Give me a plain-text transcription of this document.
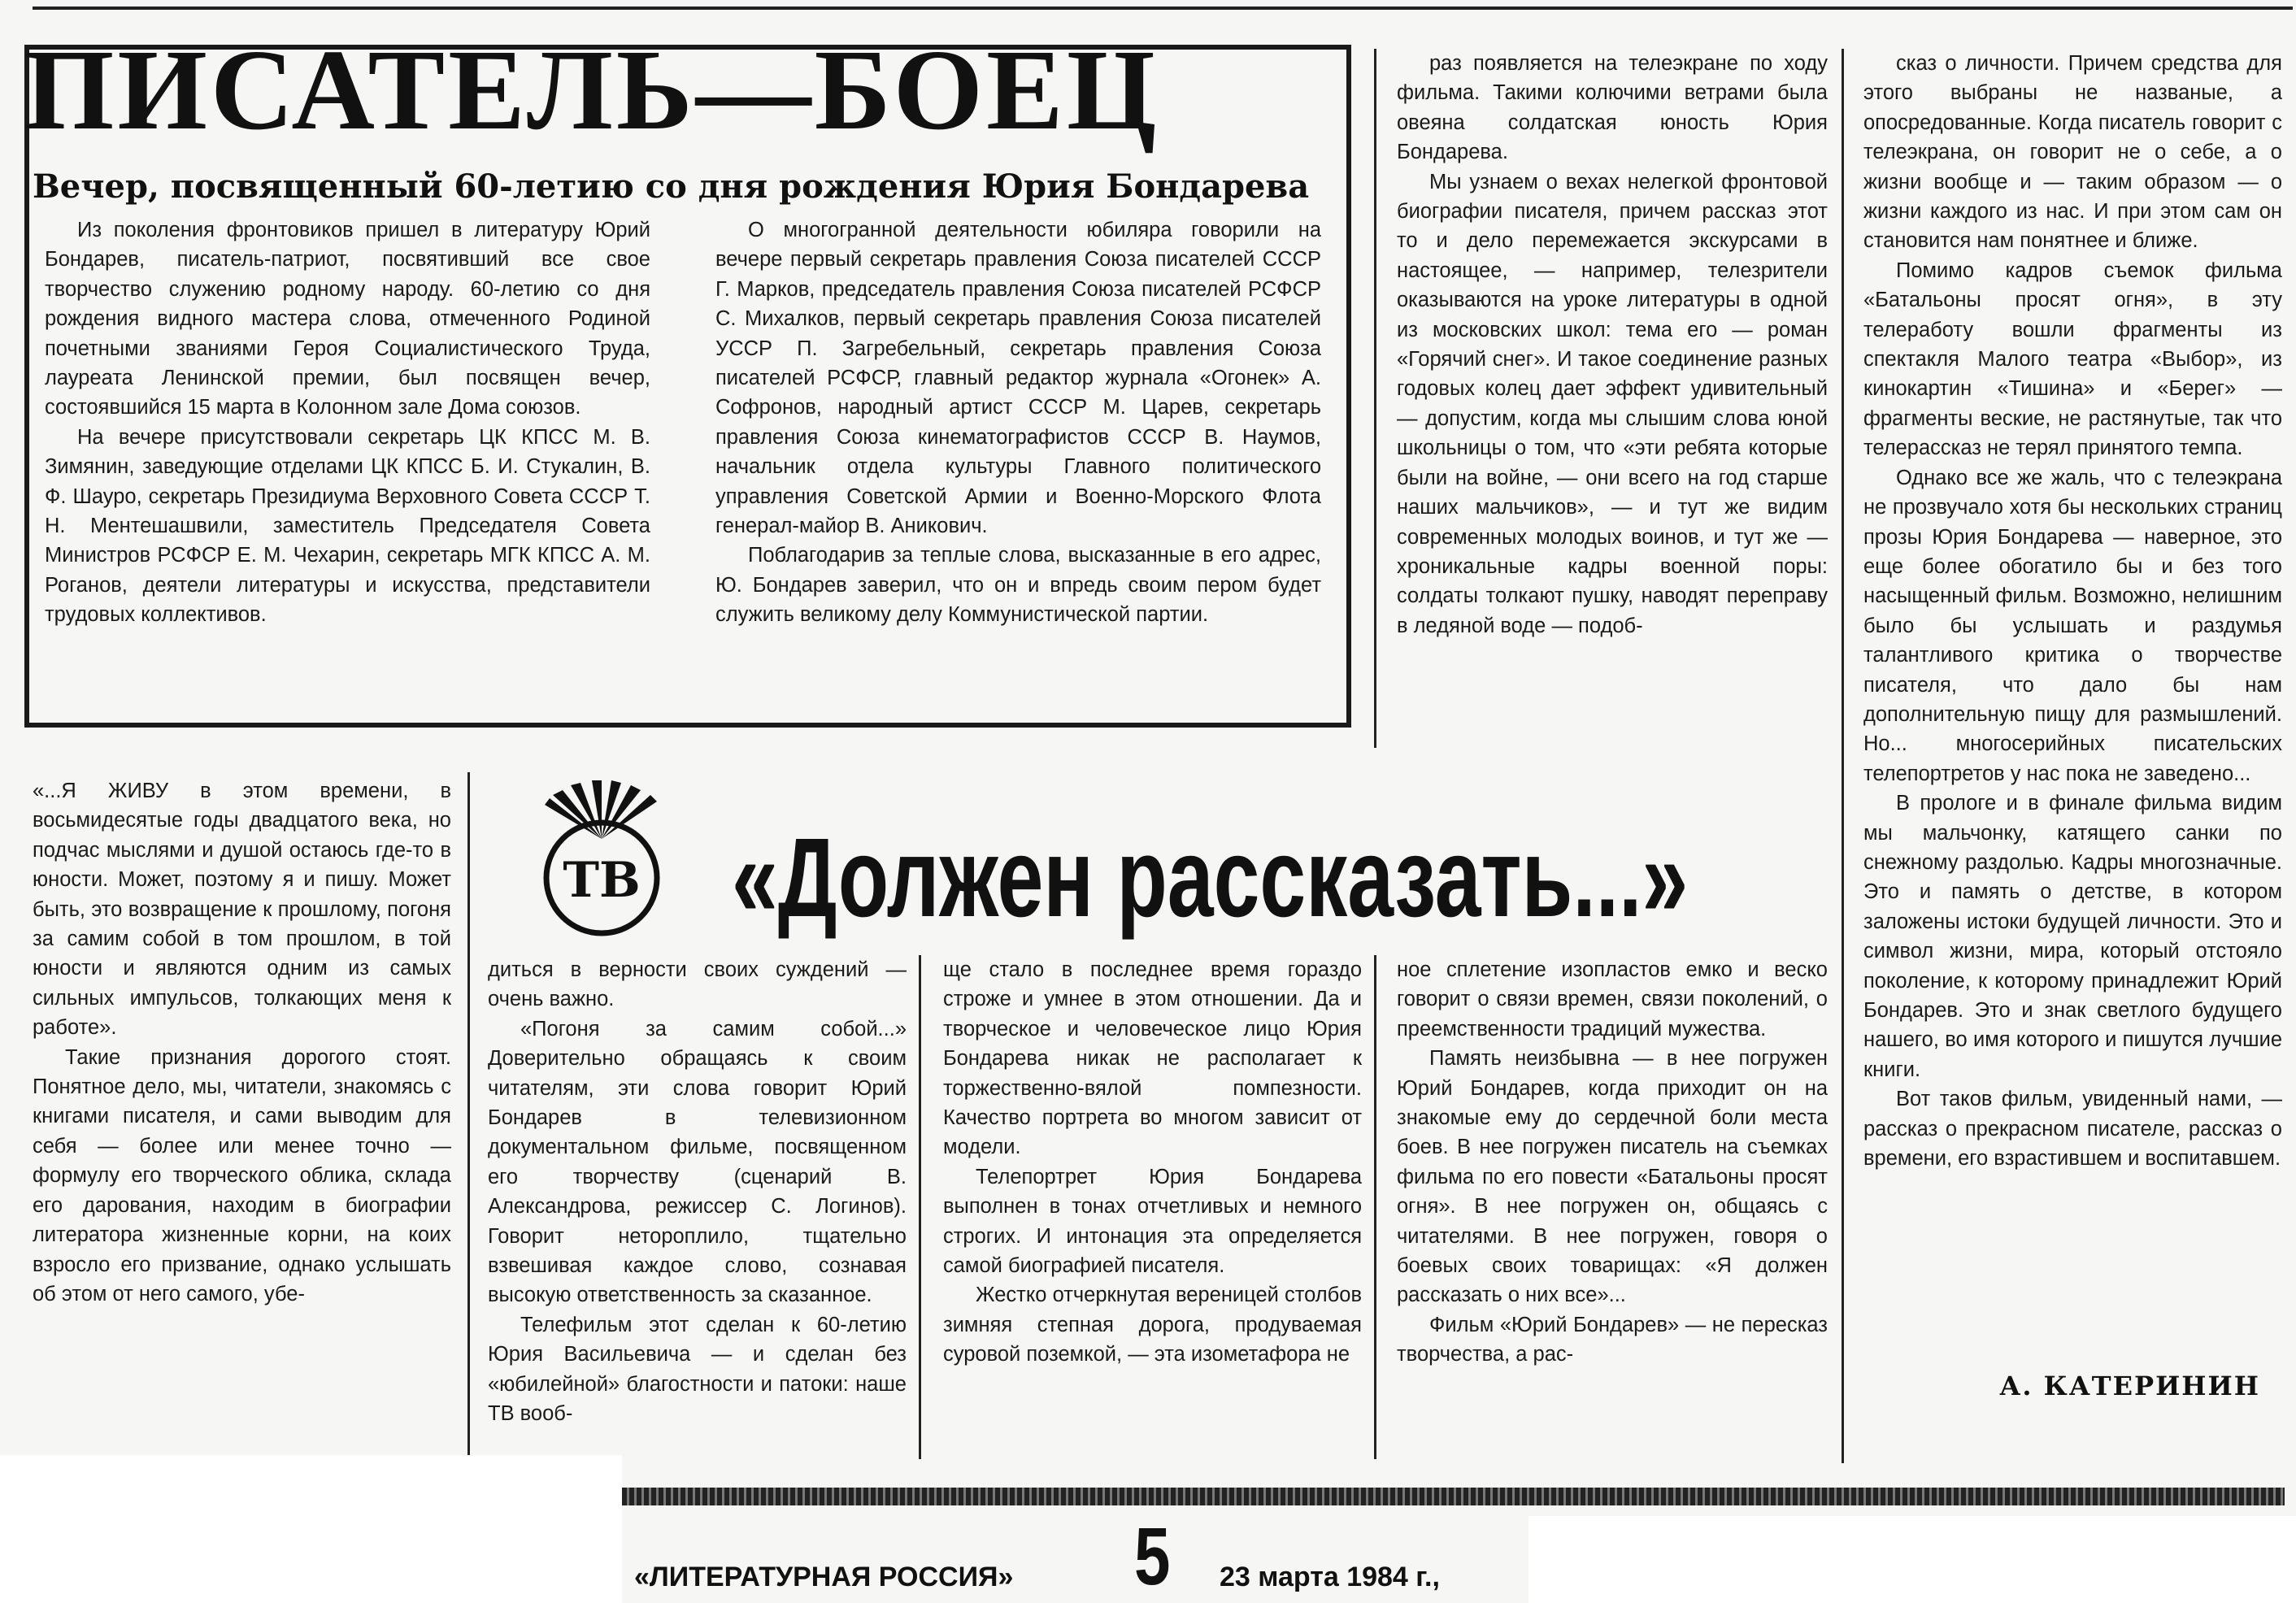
ПИСАТЕЛЬ—БОЕЦ
Вечер, посвященный 60-летию со дня рождения Юрия Бондарева

Из поколения фронтовиков пришел в литературу Юрий Бондарев, писатель-патриот, посвятивший все свое творчество служению родному народу. 60-летию со дня рождения видного мастера слова, отмеченного Родиной почетными званиями Героя Социалистического Труда, лауреата Ленинской премии, был посвящен вечер, состоявшийся 15 марта в Колонном зале Дома союзов.

На вечере присутствовали секретарь ЦК КПСС М. В. Зимянин, заведующие отделами ЦК КПСС Б. И. Стукалин, В. Ф. Шауро, секретарь Президиума Верховного Совета СССР Т. Н. Ментешашвили, заместитель Председателя Совета Министров РСФСР Е. М. Чехарин, секретарь МГК КПСС А. М. Роганов, деятели литературы и искусства, представители трудовых коллективов.

О многогранной деятельности юбиляра говорили на вечере первый секретарь правления Союза писателей СССР Г. Марков, председатель правления Союза писателей РСФСР С. Михалков, первый секретарь правления Союза писателей УССР П. Загребельный, секретарь правления Союза писателей РСФСР, главный редактор журнала «Огонек» А. Софронов, народный артист СССР М. Царев, секретарь правления Союза кинематографистов СССР В. Наумов, начальник отдела культуры Главного политического управления Советской Армии и Военно-Морского Флота генерал-майор В. Аникович.

Поблагодарив за теплые слова, высказанные в его адрес, Ю. Бондарев заверил, что он и впредь своим пером будет служить великому делу Коммунистической партии.

раз появляется на телеэкране по ходу фильма. Такими колючими ветрами была овеяна солдатская юность Юрия Бондарева.

Мы узнаем о вехах нелегкой фронтовой биографии писателя, причем рассказ этот то и дело перемежается экскурсами в настоящее, — например, телезрители оказываются на уроке литературы в одной из московских школ: тема его — роман «Горячий снег». И такое соединение разных годовых колец дает эффект удивительный — допустим, когда мы слышим слова юной школьницы о том, что «эти ребята которые были на войне, — они всего на год старше наших мальчиков», — и тут же видим современных молодых воинов, и тут же — хроникальные кадры военной поры: солдаты толкают пушку, наводят переправу в ледяной воде — подоб-

сказ о личности. Причем средства для этого выбраны не названые, а опосредованные. Когда писатель говорит с телеэкрана, он говорит не о себе, а о жизни вообще и — таким образом — о жизни каждого из нас. И при этом сам он становится нам понятнее и ближе.

Помимо кадров съемок фильма «Батальоны просят огня», в эту телеработу вошли фрагменты из спектакля Малого театра «Выбор», из кинокартин «Тишина» и «Берег» — фрагменты веские, не растянутые, так что телерассказ не терял принятого темпа.

Однако все же жаль, что с телеэкрана не прозвучало хотя бы нескольких страниц прозы Юрия Бондарева — наверное, это еще более обогатило бы и без того насыщенный фильм. Возможно, нелишним было бы услышать и раздумья талантливого критика о творчестве писателя, что дало бы нам дополнительную пищу для размышлений. Но... многосерийных писательских телепортретов у нас пока не заведено...

В прологе и в финале фильма видим мы мальчонку, катящего санки по снежному раздолью. Кадры многозначные. Это и память о детстве, в котором заложены истоки будущей личности. Это и символ жизни, мира, который отстояло поколение, к которому принадлежит Юрий Бондарев. Это и знак светлого будущего нашего, во имя которого и пишутся лучшие книги.

Вот таков фильм, увиденный нами, — рассказ о прекрасном писателе, рассказ о времени, его взрастившем и воспитавшем.

ТВ «Должен рассказать...»

«...Я ЖИВУ в этом времени, в восьмидесятые годы двадцатого века, но подчас мыслями и душой остаюсь где-то в юности. Может, поэтому я и пишу. Может быть, это возвращение к прошлому, погоня за самим собой в том прошлом, в той юности и являются одним из самых сильных импульсов, толкающих меня к работе».

Такие признания дорогого стоят. Понятное дело, мы, читатели, знакомясь с книгами писателя, и сами выводим для себя — более или менее точно — формулу его творческого облика, склада его дарования, находим в биографии литератора жизненные корни, на коих взросло его призвание, однако услышать об этом от него самого, убе-

диться в верности своих суждений — очень важно.

«Погоня за самим собой...» Доверительно обращаясь к своим читателям, эти слова говорит Юрий Бондарев в телевизионном документальном фильме, посвященном его творчеству (сценарий В. Александрова, режиссер С. Логинов). Говорит нетороплило, тщательно взвешивая каждое слово, сознавая высокую ответственность за сказанное.

Телефильм этот сделан к 60-летию Юрия Васильевича — и сделан без «юбилейной» благостности и патоки: наше ТВ вооб-

ще стало в последнее время гораздо строже и умнее в этом отношении. Да и творческое и человеческое лицо Юрия Бондарева никак не располагает к торжественно-вялой помпезности. Качество портрета во многом зависит от модели.

Телепортрет Юрия Бондарева выполнен в тонах отчетливых и немного строгих. И интонация эта определяется самой биографией писателя.

Жестко отчеркнутая вереницей столбов зимняя степная дорога, продуваемая суровой поземкой, — эта изометафора не

ное сплетение изопластов емко и веско говорит о связи времен, связи поколений, о преемственности традиций мужества.

Память неизбывна — в нее погружен Юрий Бондарев, когда приходит он на знакомые ему до сердечной боли места боев. В нее погружен писатель на съемках фильма по его повести «Батальоны просят огня». В нее погружен он, общаясь с читателями. В нее погружен, говоря о боевых своих товарищах: «Я должен рассказать о них все»...

Фильм «Юрий Бондарев» — не пересказ творчества, а рас-

А. КАТЕРИНИН
«ЛИТЕРАТУРНАЯ РОССИЯ»	5	23 марта 1984 г.,
